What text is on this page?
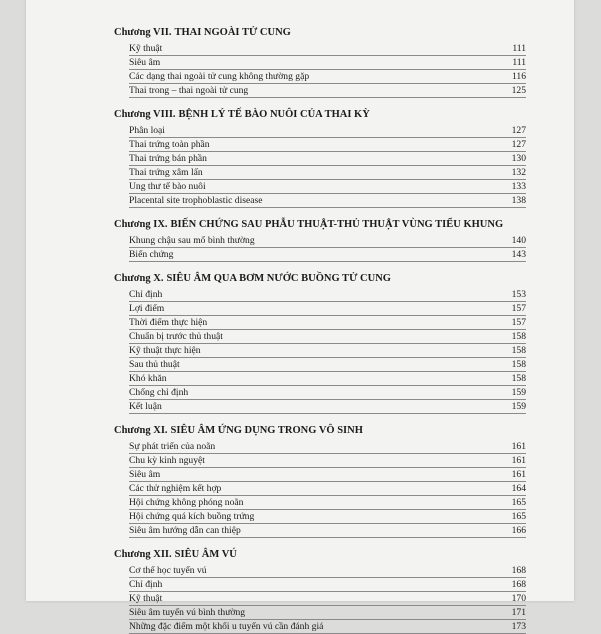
Chương VII. THAI NGOÀI TỬ CUNG
Kỹ thuật	111
Siêu âm	111
Các dạng thai ngoài tử cung không thường gặp	116
Thai trong – thai ngoài tử cung	125
Chương VIII. BỆNH LÝ TẾ BÀO NUÔI CỦA THAI KỲ
Phân loại	127
Thai trứng toàn phần	127
Thai trứng bán phần	130
Thai trứng xâm lấn	132
Ung thư tế bào nuôi	133
Placental site trophoblastic disease	138
Chương IX. BIẾN CHỨNG SAU PHẪU THUẬT-THỦ THUẬT VÙNG TIỂU KHUNG
Khung chậu sau mổ bình thường	140
Biến chứng	143
Chương X. SIÊU ÂM QUA BƠM NƯỚC BUỒNG TỬ CUNG
Chỉ định	153
Lợi điểm	157
Thời điểm thực hiện	157
Chuẩn bị trước thủ thuật	158
Kỹ thuật thực hiện	158
Sau thủ thuật	158
Khó khăn	158
Chống chỉ định	159
Kết luận	159
Chương XI. SIÊU ÂM ỨNG DỤNG TRONG VÔ SINH
Sự phát triển của noãn	161
Chu kỳ kinh nguyệt	161
Siêu âm	161
Các thử nghiệm kết hợp	164
Hội chứng không phóng noãn	165
Hội chứng quá kích buồng trứng	165
Siêu âm hướng dẫn can thiệp	166
Chương XII. SIÊU ÂM VÚ
Cơ thể học tuyến vú	168
Chỉ định	168
Kỹ thuật	170
Siêu âm tuyến vú bình thường	171
Những đặc điểm một khối u tuyến vú cần đánh giá	173
